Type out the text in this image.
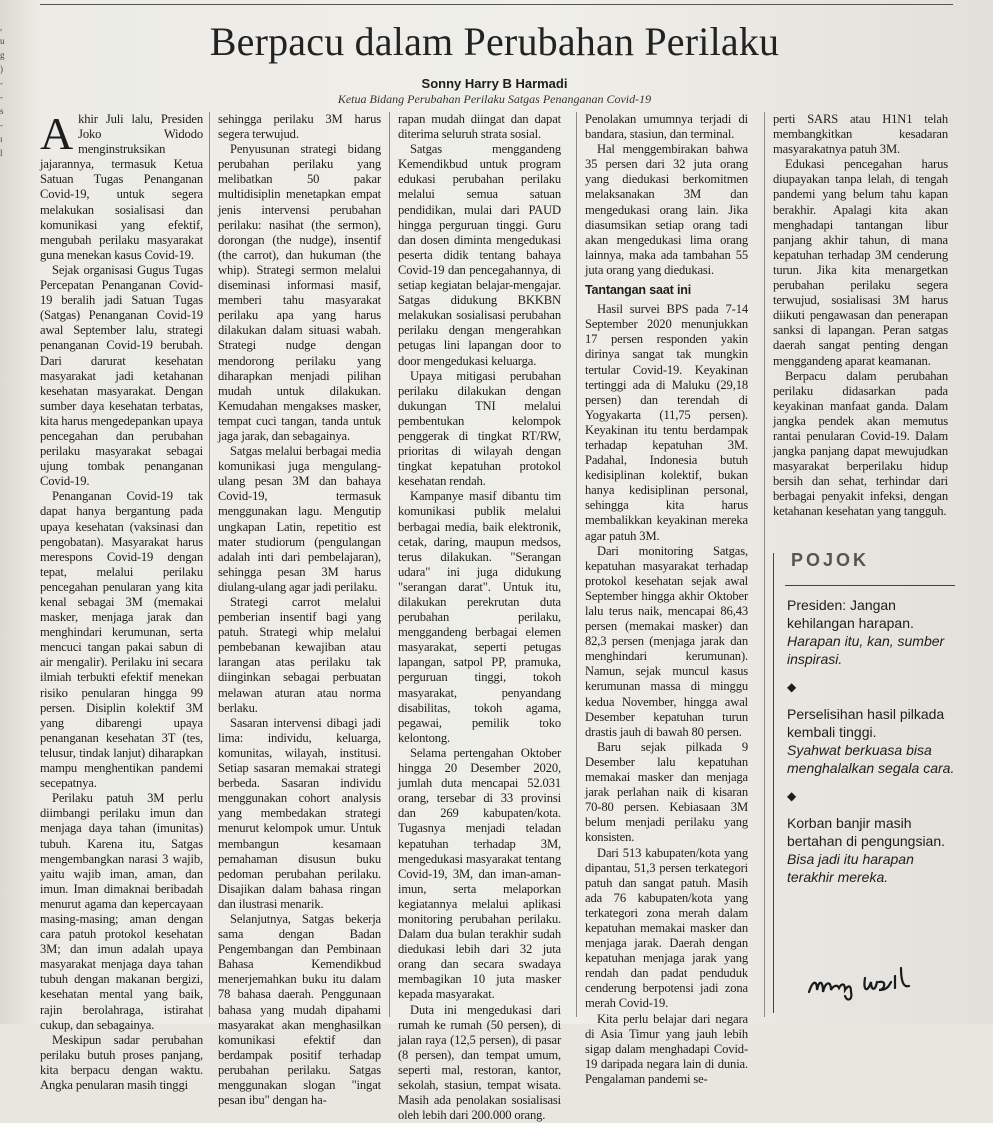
,
u
g
)
-
-
s
-
ɪ
l
Berpacu dalam Perubahan Perilaku
Sonny Harry B Harmadi
Ketua Bidang Perubahan Perilaku Satgas Penanganan Covid-19

Akhir Juli lalu, Presiden Joko Widodo menginstruksikan jajarannya, termasuk Ketua Satuan Tugas Penanganan Covid-19, untuk segera melakukan sosialisasi dan komunikasi yang efektif, mengubah perilaku masyarakat guna menekan kasus Covid-19.

Sejak organisasi Gugus Tugas Percepatan Penanganan Covid-19 beralih jadi Satuan Tugas (Satgas) Penanganan Covid-19 awal September lalu, strategi penanganan Covid-19 berubah. Dari darurat kesehatan masyarakat jadi ketahanan kesehatan masyarakat. Dengan sumber daya kesehatan terbatas, kita harus mengedepankan upaya pencegahan dan perubahan perilaku masyarakat sebagai ujung tombak penanganan Covid-19.

Penanganan Covid-19 tak dapat hanya bergantung pada upaya kesehatan (vaksinasi dan pengobatan). Masyarakat harus merespons Covid-19 dengan tepat, melalui perilaku pencegahan penularan yang kita kenal sebagai 3M (memakai masker, menjaga jarak dan menghindari kerumunan, serta mencuci tangan pakai sabun di air mengalir). Perilaku ini secara ilmiah terbukti efektif menekan risiko penularan hingga 99 persen. Disiplin kolektif 3M yang dibarengi upaya penanganan kesehatan 3T (tes, telusur, tindak lanjut) diharapkan mampu menghentikan pandemi secepatnya.

Perilaku patuh 3M perlu diimbangi perilaku imun dan menjaga daya tahan (imunitas) tubuh. Karena itu, Satgas mengembangkan narasi 3 wajib, yaitu wajib iman, aman, dan imun. Iman dimaknai beribadah menurut agama dan kepercayaan masing-masing; aman dengan cara patuh protokol kesehatan 3M; dan imun adalah upaya masyarakat menjaga daya tahan tubuh dengan makanan bergizi, kesehatan mental yang baik, rajin berolahraga, istirahat cukup, dan sebagainya.

Meskipun sadar perubahan perilaku butuh proses panjang, kita berpacu dengan waktu. Angka penularan masih tinggi

sehingga perilaku 3M harus segera terwujud.

Penyusunan strategi bidang perubahan perilaku yang melibatkan 50 pakar multidisiplin menetapkan empat jenis intervensi perubahan perilaku: nasihat (the sermon), dorongan (the nudge), insentif (the carrot), dan hukuman (the whip). Strategi sermon melalui diseminasi informasi masif, memberi tahu masyarakat perilaku apa yang harus dilakukan dalam situasi wabah. Strategi nudge dengan mendorong perilaku yang diharapkan menjadi pilihan mudah untuk dilakukan. Kemudahan mengakses masker, tempat cuci tangan, tanda untuk jaga jarak, dan sebagainya.

Satgas melalui berbagai media komunikasi juga mengulang-ulang pesan 3M dan bahaya Covid-19, termasuk menggunakan lagu. Mengutip ungkapan Latin, repetitio est mater studiorum (pengulangan adalah inti dari pembelajaran), sehingga pesan 3M harus diulang-ulang agar jadi perilaku.

Strategi carrot melalui pemberian insentif bagi yang patuh. Strategi whip melalui pembebanan kewajiban atau larangan atas perilaku tak diinginkan sebagai perbuatan melawan aturan atau norma berlaku.

Sasaran intervensi dibagi jadi lima: individu, keluarga, komunitas, wilayah, institusi. Setiap sasaran memakai strategi berbeda. Sasaran individu menggunakan cohort analysis yang membedakan strategi menurut kelompok umur. Untuk membangun kesamaan pemahaman disusun buku pedoman perubahan perilaku. Disajikan dalam bahasa ringan dan ilustrasi menarik.

Selanjutnya, Satgas bekerja sama dengan Badan Pengembangan dan Pembinaan Bahasa Kemendikbud menerjemahkan buku itu dalam 78 bahasa daerah. Penggunaan bahasa yang mudah dipahami masyarakat akan menghasilkan komunikasi efektif dan berdampak positif terhadap perubahan perilaku. Satgas menggunakan slogan "ingat pesan ibu" dengan ha-

rapan mudah diingat dan dapat diterima seluruh strata sosial.

Satgas menggandeng Kemendikbud untuk program edukasi perubahan perilaku melalui semua satuan pendidikan, mulai dari PAUD hingga perguruan tinggi. Guru dan dosen diminta mengedukasi peserta didik tentang bahaya Covid-19 dan pencegahannya, di setiap kegiatan belajar-mengajar. Satgas didukung BKKBN melakukan sosialisasi perubahan perilaku dengan mengerahkan petugas lini lapangan door to door mengedukasi keluarga.

Upaya mitigasi perubahan perilaku dilakukan dengan dukungan TNI melalui pembentukan kelompok penggerak di tingkat RT/RW, prioritas di wilayah dengan tingkat kepatuhan protokol kesehatan rendah.

Kampanye masif dibantu tim komunikasi publik melalui berbagai media, baik elektronik, cetak, daring, maupun medsos, terus dilakukan. "Serangan udara" ini juga didukung "serangan darat". Untuk itu, dilakukan perekrutan duta perubahan perilaku, menggandeng berbagai elemen masyarakat, seperti petugas lapangan, satpol PP, pramuka, perguruan tinggi, tokoh masyarakat, penyandang disabilitas, tokoh agama, pegawai, pemilik toko kelontong.

Selama pertengahan Oktober hingga 20 Desember 2020, jumlah duta mencapai 52.031 orang, tersebar di 33 provinsi dan 269 kabupaten/kota. Tugasnya menjadi teladan kepatuhan terhadap 3M, mengedukasi masyarakat tentang Covid-19, 3M, dan iman-aman-imun, serta melaporkan kegiatannya melalui aplikasi monitoring perubahan perilaku. Dalam dua bulan terakhir sudah diedukasi lebih dari 32 juta orang dan secara swadaya membagikan 10 juta masker kepada masyarakat.

Duta ini mengedukasi dari rumah ke rumah (50 persen), di jalan raya (12,5 persen), di pasar (8 persen), dan tempat umum, seperti mal, restoran, kantor, sekolah, stasiun, tempat wisata. Masih ada penolakan sosialisasi oleh lebih dari 200.000 orang.

Penolakan umumnya terjadi di bandara, stasiun, dan terminal.

Hal menggembirakan bahwa 35 persen dari 32 juta orang yang diedukasi berkomitmen melaksanakan 3M dan mengedukasi orang lain. Jika diasumsikan setiap orang tadi akan mengedukasi lima orang lainnya, maka ada tambahan 55 juta orang yang diedukasi.

Tantangan saat ini

Hasil survei BPS pada 7-14 September 2020 menunjukkan 17 persen responden yakin dirinya sangat tak mungkin tertular Covid-19. Keyakinan tertinggi ada di Maluku (29,18 persen) dan terendah di Yogyakarta (11,75 persen). Keyakinan itu tentu berdampak terhadap kepatuhan 3M. Padahal, Indonesia butuh kedisiplinan kolektif, bukan hanya kedisiplinan personal, sehingga kita harus membalikkan keyakinan mereka agar patuh 3M.

Dari monitoring Satgas, kepatuhan masyarakat terhadap protokol kesehatan sejak awal September hingga akhir Oktober lalu terus naik, mencapai 86,43 persen (memakai masker) dan 82,3 persen (menjaga jarak dan menghindari kerumunan). Namun, sejak muncul kasus kerumunan massa di minggu kedua November, hingga awal Desember kepatuhan turun drastis jauh di bawah 80 persen.

Baru sejak pilkada 9 Desember lalu kepatuhan memakai masker dan menjaga jarak perlahan naik di kisaran 70-80 persen. Kebiasaan 3M belum menjadi perilaku yang konsisten.

Dari 513 kabupaten/kota yang dipantau, 51,3 persen terkategori patuh dan sangat patuh. Masih ada 76 kabupaten/kota yang terkategori zona merah dalam kepatuhan memakai masker dan menjaga jarak. Daerah dengan kepatuhan menjaga jarak yang rendah dan padat penduduk cenderung berpotensi jadi zona merah Covid-19.

Kita perlu belajar dari negara di Asia Timur yang jauh lebih sigap dalam menghadapi Covid-19 daripada negara lain di dunia. Pengalaman pandemi se-

perti SARS atau H1N1 telah membangkitkan kesadaran masyarakatnya patuh 3M.

Edukasi pencegahan harus diupayakan tanpa lelah, di tengah pandemi yang belum tahu kapan berakhir. Apalagi kita akan menghadapi tantangan libur panjang akhir tahun, di mana kepatuhan terhadap 3M cenderung turun. Jika kita menargetkan perubahan perilaku segera terwujud, sosialisasi 3M harus diikuti pengawasan dan penerapan sanksi di lapangan. Peran satgas daerah sangat penting dengan menggandeng aparat keamanan.

Berpacu dalam perubahan perilaku didasarkan pada keyakinan manfaat ganda. Dalam jangka pendek akan memutus rantai penularan Covid-19. Dalam jangka panjang dapat mewujudkan masyarakat berperilaku hidup bersih dan sehat, terhindar dari berbagai penyakit infeksi, dengan ketahanan kesehatan yang tangguh.

POJOK
Presiden: Jangan kehilangan harapan.
Harapan itu, kan, sumber inspirasi.
◆
Perselisihan hasil pilkada kembali tinggi.
Syahwat berkuasa bisa menghalalkan segala cara.
◆
Korban banjir masih bertahan di pengungsian.
Bisa jadi itu harapan terakhir mereka.
